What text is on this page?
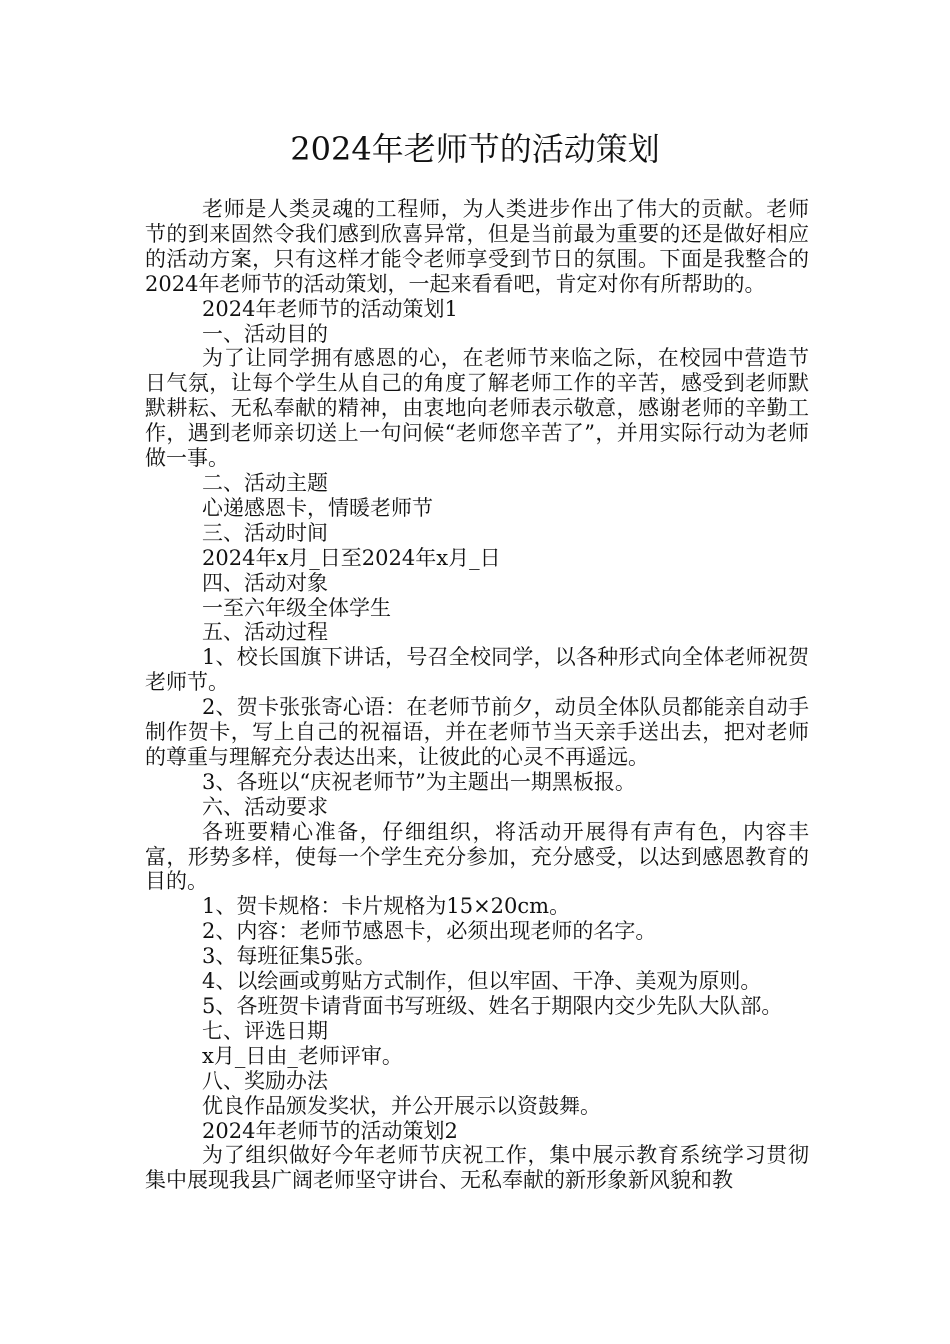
2024年老师节的活动策划
老师是人类灵魂的工程师，为人类进步作出了伟大的贡献。老师节的到来固然令我们感到欣喜异常，但是当前最为重要的还是做好相应的活动方案，只有这样才能令老师享受到节日的氛围。下面是我整合的2024年老师节的活动策划，一起来看看吧，肯定对你有所帮助的。
2024年老师节的活动策划1
一、活动目的
为了让同学拥有感恩的心，在老师节来临之际，在校园中营造节日气氛，让每个学生从自己的角度了解老师工作的辛苦，感受到老师默默耕耘、无私奉献的精神，由衷地向老师表示敬意，感谢老师的辛勤工作，遇到老师亲切送上一句问候“老师您辛苦了”，并用实际行动为老师做一事。
二、活动主题
心递感恩卡，情暖老师节
三、活动时间
2024年x月_日至2024年x月_日
四、活动对象
一至六年级全体学生
五、活动过程
1、校长国旗下讲话，号召全校同学，以各种形式向全体老师祝贺老师节。
2、贺卡张张寄心语：在老师节前夕，动员全体队员都能亲自动手制作贺卡，写上自己的祝福语，并在老师节当天亲手送出去，把对老师的尊重与理解充分表达出来，让彼此的心灵不再遥远。
3、各班以“庆祝老师节”为主题出一期黑板报。
六、活动要求
各班要精心准备，仔细组织，将活动开展得有声有色，内容丰富，形势多样，使每一个学生充分参加，充分感受，以达到感恩教育的目的。
1、贺卡规格：卡片规格为15×20cm。
2、内容：老师节感恩卡，必须出现老师的名字。
3、每班征集5张。
4、以绘画或剪贴方式制作，但以牢固、干净、美观为原则。
5、各班贺卡请背面书写班级、姓名于期限内交少先队大队部。
七、评选日期
x月_日由_老师评审。
八、奖励办法
优良作品颁发奖状，并公开展示以资鼓舞。
2024年老师节的活动策划2
为了组织做好今年老师节庆祝工作，集中展示教育系统学习贯彻集中展现我县广阔老师坚守讲台、无私奉献的新形象新风貌和教
